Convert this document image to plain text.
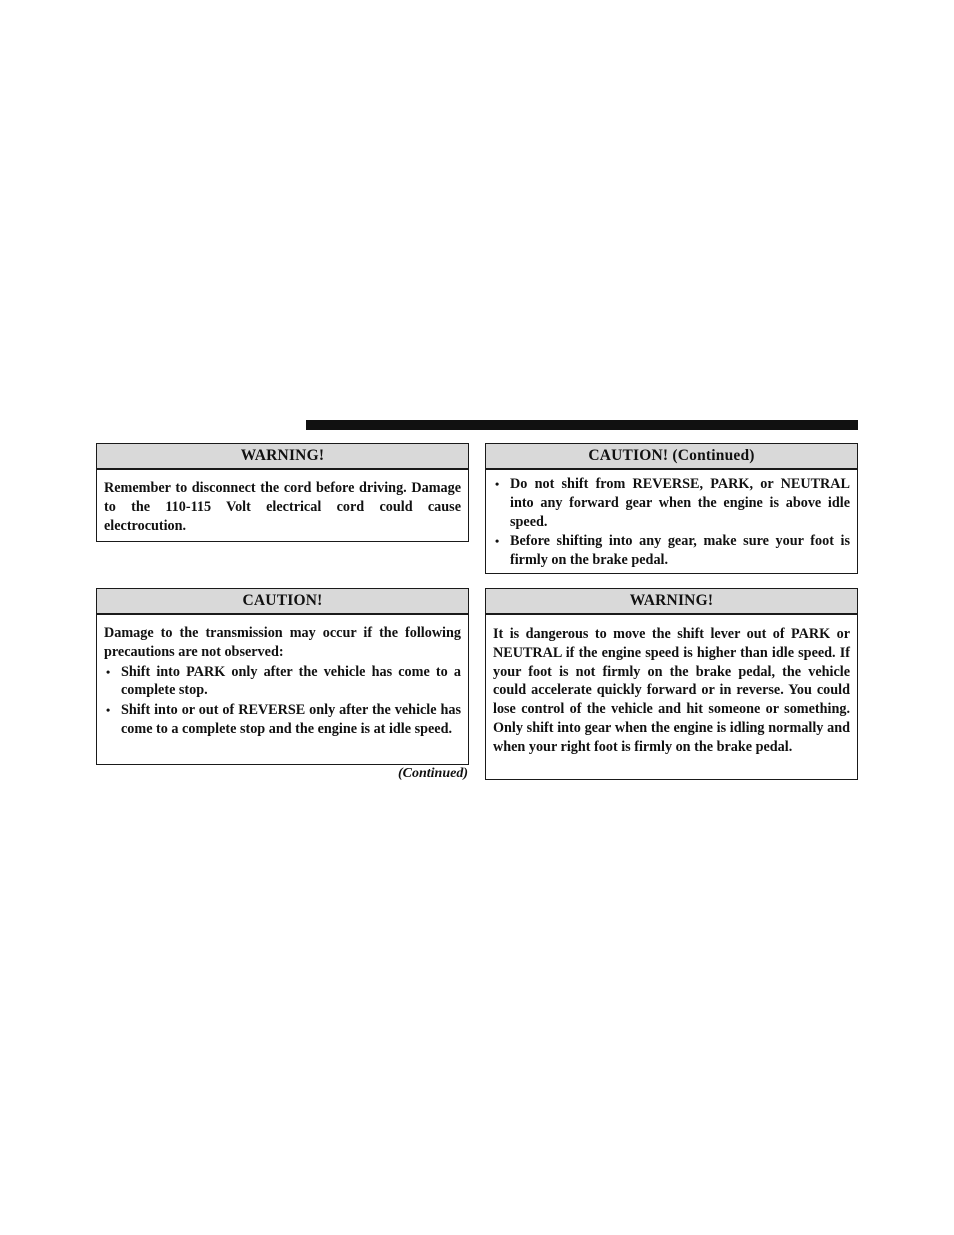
WARNING!

Remember to disconnect the cord before driving. Damage to the 110-115 Volt electrical cord could cause electrocution.

CAUTION!

Damage to the transmission may occur if the following precautions are not observed:

• Shift into PARK only after the vehicle has come to a complete stop.
• Shift into or out of REVERSE only after the vehicle has come to a complete stop and the engine is at idle speed.
(Continued)
CAUTION! (Continued)
• Do not shift from REVERSE, PARK, or NEUTRAL into any forward gear when the engine is above idle speed.
• Before shifting into any gear, make sure your foot is firmly on the brake pedal.
WARNING!

It is dangerous to move the shift lever out of PARK or NEUTRAL if the engine speed is higher than idle speed. If your foot is not firmly on the brake pedal, the vehicle could accelerate quickly forward or in reverse. You could lose control of the vehicle and hit someone or something. Only shift into gear when the engine is idling normally and when your right foot is firmly on the brake pedal.
